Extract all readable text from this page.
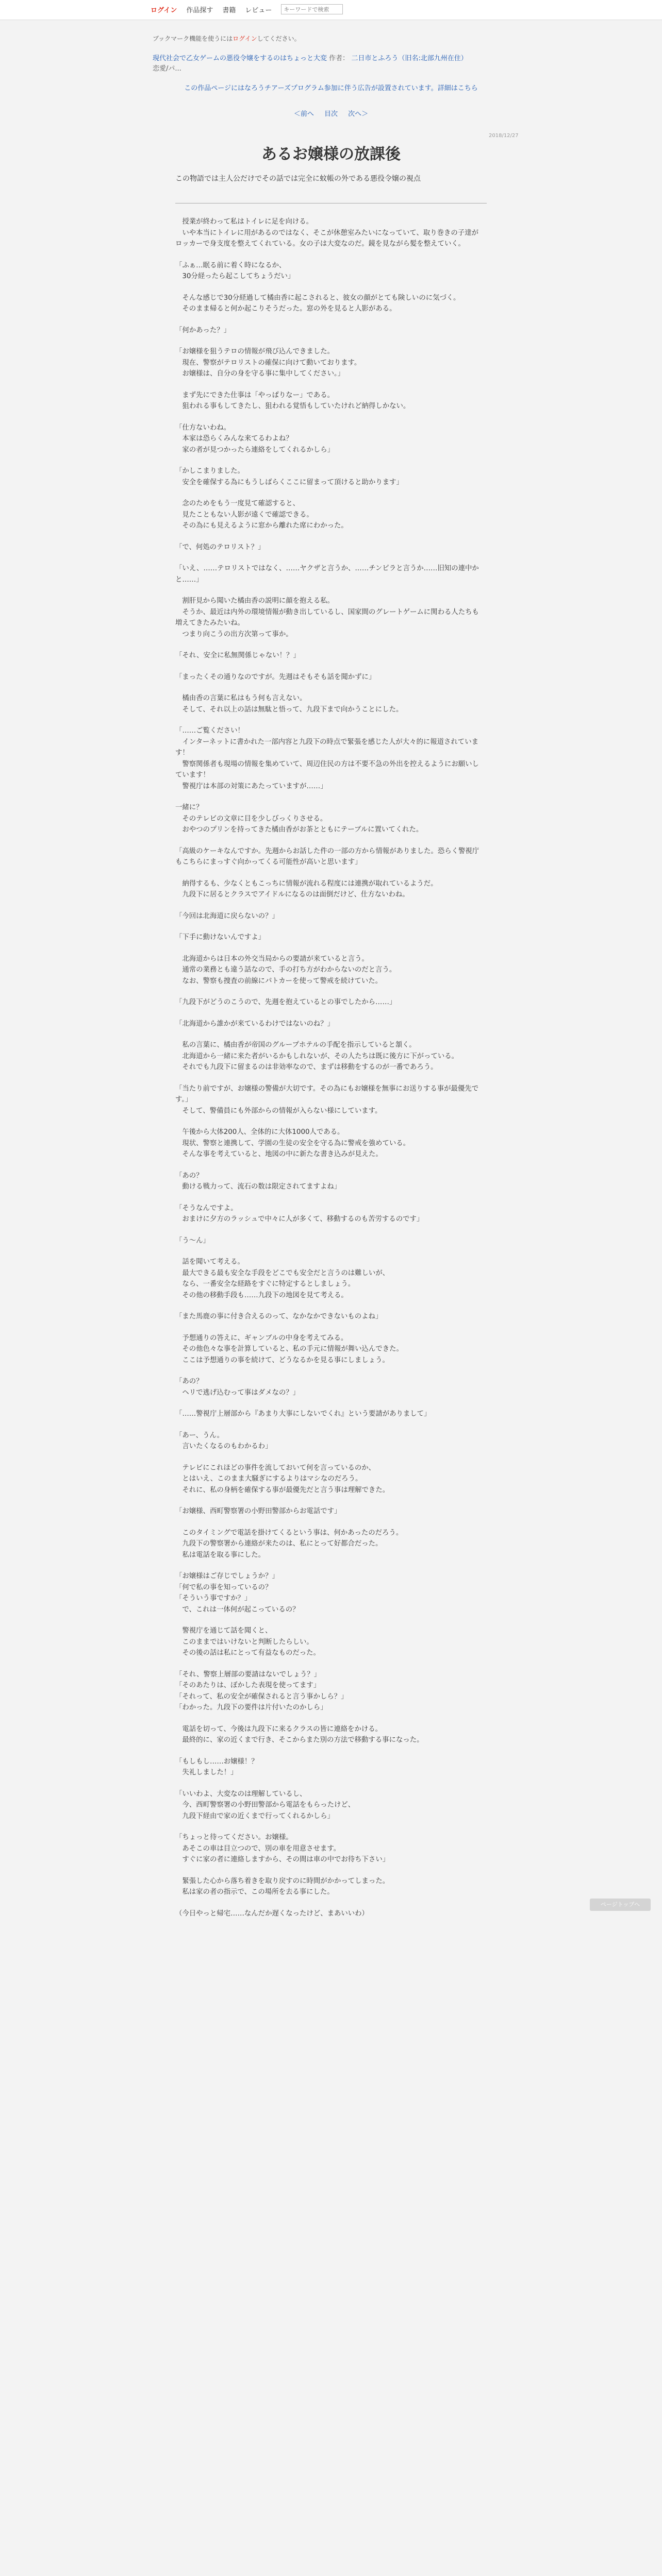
ログイン 作品探す 書籍 レビュー
キーワードで検索
ブックマーク機能を使うにはログインしてください。
現代社会で乙女ゲームの悪役令嬢をするのはちょっと大変 作者： 二日市とふろう（旧名:北部九州在住）
恋愛/パ...
この作品ページにはなろうチアーズプログラム参加に伴う広告が設置されています。詳細はこちら
＜前へ 目次 次へ＞
2018/12/27
あるお嬢様の放課後
この物語では主人公だけでその話では完全に蚊帳の外である悪役令嬢の視点

　授業が終わって私はトイレに足を向ける。
　いや本当にトイレに用があるのではなく、そこが休憩室みたいになっていて、取り巻きの子達がロッカーで身支度を整えてくれている。女の子は大変なのだ。鏡を見ながら髪を整えていく。

「ふぁ…眠る前に着く時になるか、
　30分経ったら起こしてちょうだい」

　そんな感じで30分経過して橘由香に起こされると、彼女の顔がとても険しいのに気づく。
　そのまま帰ると何か起こりそうだった。窓の外を見ると人影がある。

「何かあった？」

「お嬢様を狙うテロの情報が飛び込んできました。
　現在、警察がテロリストの確保に向けて動いております。
　お嬢様は、自分の身を守る事に集中してください。」

　まず先にできた仕事は「やっぱりなー」である。
　狙われる事もしてきたし、狙われる覚悟もしていたけれど納得しかない。

「仕方ないわね。
　本家は恐らくみんな来てるわよね？
　家の者が見つかったら連絡をしてくれるかしら」

「かしこまりました。
　安全を確保する為にもうしばらくここに留まって頂けると助かります」

　念のためをもう一度見て確認すると、
　見たこともない人影が遠くで確認できる。
　その為にも見えるように窓から離れた席にわかった。

「で、何処のテロリスト？」

「いえ、……テロリストではなく、……ヤクザと言うか、……チンピラと言うか……旧知の連中かと……」

　割肝見から聞いた橘由香の説明に顔を抱える私。
　そうか、最近は内外の環境情報が動き出しているし、国家間のグレートゲームに関わる人たちも増えてきたみたいね。
　つまり向こうの出方次第って事か。

「それ、安全に私無関係じゃない！？」

「まったくその通りなのですが。先週はそもそも話を聞かずに」

　橘由香の言葉に私はもう何も言えない。
　そして、それ以上の話は無駄と悟って、九段下まで向かうことにした。

「……ご覧ください！
　インターネットに書かれた一部内容と九段下の時点で緊張を感じた人が大々的に報道されています！
　警察関係者も現場の情報を集めていて、周辺住民の方は不要不急の外出を控えるようにお願いしています！
　警視庁は本部の対策にあたっていますが……」

一緒に？
　そのテレビの文章に目を少しびっくりさせる。
　おやつのプリンを持ってきた橘由香がお茶とともにテーブルに置いてくれた。

「高級のケーキなんですか。先週からお話した件の一部の方から情報がありました。恐らく警視庁もこちらにまっすぐ向かってくる可能性が高いと思います」

　納得するも、少なくともこっちに情報が流れる程度には連携が取れているようだ。
　九段下に居るとクラスでアイドルになるのは面倒だけど、仕方ないわね。

「今回は北海道に戻らないの？」

「下手に動けないんですよ」

　北海道からは日本の外交当局からの要請が来ていると言う。
　通常の業務とも違う話なので、手の打ち方がわからないのだと言う。
　なお、警察も捜査の前線にパトカーを使って警戒を続けていた。

「九段下がどうのこうので、先週を抱えているとの事でしたから……」

「北海道から誰かが来ているわけではないのね？」

　私の言葉に、橘由香が帝国のグループホテルの手配を指示していると頷く。
　北海道から一緒に来た者がいるかもしれないが、その人たちは既に後方に下がっている。
　それでも九段下に留まるのは非効率なので、まずは移動をするのが一番であろう。

「当たり前ですが、お嬢様の警備が大切です。その為にもお嬢様を無事にお送りする事が最優先です。」
　そして、警備員にも外部からの情報が入らない様にしています。

　午後から大体200人、全体的に大体1000人である。
　現状、警察と連携して、学園の生徒の安全を守る為に警戒を強めている。
　そんな事を考えていると、地図の中に新たな書き込みが見えた。

「あの？
　動ける戦力って、流石の数は限定されてますよね」

「そうなんですよ。
　おまけに夕方のラッシュで中々に人が多くて、移動するのも苦労するのです」

「う〜ん」

　話を聞いて考える。
　最大できる最も安全な手段をどこでも安全だと言うのは難しいが、
　なら、一番安全な経路をすぐに特定するとしましょう。
　その他の移動手段も……九段下の地図を見て考える。

「また馬鹿の事に付き合えるのって、なかなかできないものよね」

　予想通りの答えに、ギャンブルの中身を考えてみる。
　その他色々な事を計算していると、私の手元に情報が舞い込んできた。
　ここは予想通りの事を続けて、どうなるかを見る事にしましょう。

「あの？
　ヘリで逃げ込むって事はダメなの？」

「……警視庁上層部から『あまり大事にしないでくれ』という要請がありまして」

「あー、うん。
　言いたくなるのもわかるわ」

　テレビにこれほどの事件を流しておいて何を言っているのか、
　とはいえ、このまま大騒ぎにするよりはマシなのだろう。
　それに、私の身柄を確保する事が最優先だと言う事は理解できた。

「お嬢様、西町警察署の小野田警部からお電話です」

　このタイミングで電話を掛けてくるという事は、何かあったのだろう。
　九段下の警察署から連絡が来たのは、私にとって好都合だった。
　私は電話を取る事にした。

「お嬢様はご存じでしょうか？」
「何で私の事を知っているの？
「そういう事ですか？」
　で、これは一体何が起こっているの？

　警視庁を通じて話を聞くと、
　このままではいけないと判断したらしい。
　その後の話は私にとって有益なものだった。

「それ、警察上層部の要請はないでしょう？」
「そのあたりは、ぼかした表現を使ってます」
「それって、私の安全が確保されると言う事かしら？」
「わかった。九段下の要件は片付いたのかしら」

　電話を切って、今後は九段下に来るクラスの皆に連絡をかける。
　最終的に、家の近くまで行き、そこからまた別の方法で移動する事になった。

「もしもし……お嬢様！？
　失礼しました！」

「いいわよ、大変なのは理解しているし、
　今、西町警察署の小野田警部から電話をもらったけど、
　九段下経由で家の近くまで行ってくれるかしら」

「ちょっと待ってください。お嬢様。
　あそこの車は目立つので、別の車を用意させます。
　すぐに家の者に連絡しますから、その間は車の中でお待ち下さい」

　緊張した心から落ち着きを取り戻すのに時間がかかってしまった。
　私は家の者の指示で、この場所を去る事にした。

（今日やっと帰宅……なんだか遅くなったけど、まあいいわ）

ページトップへ
